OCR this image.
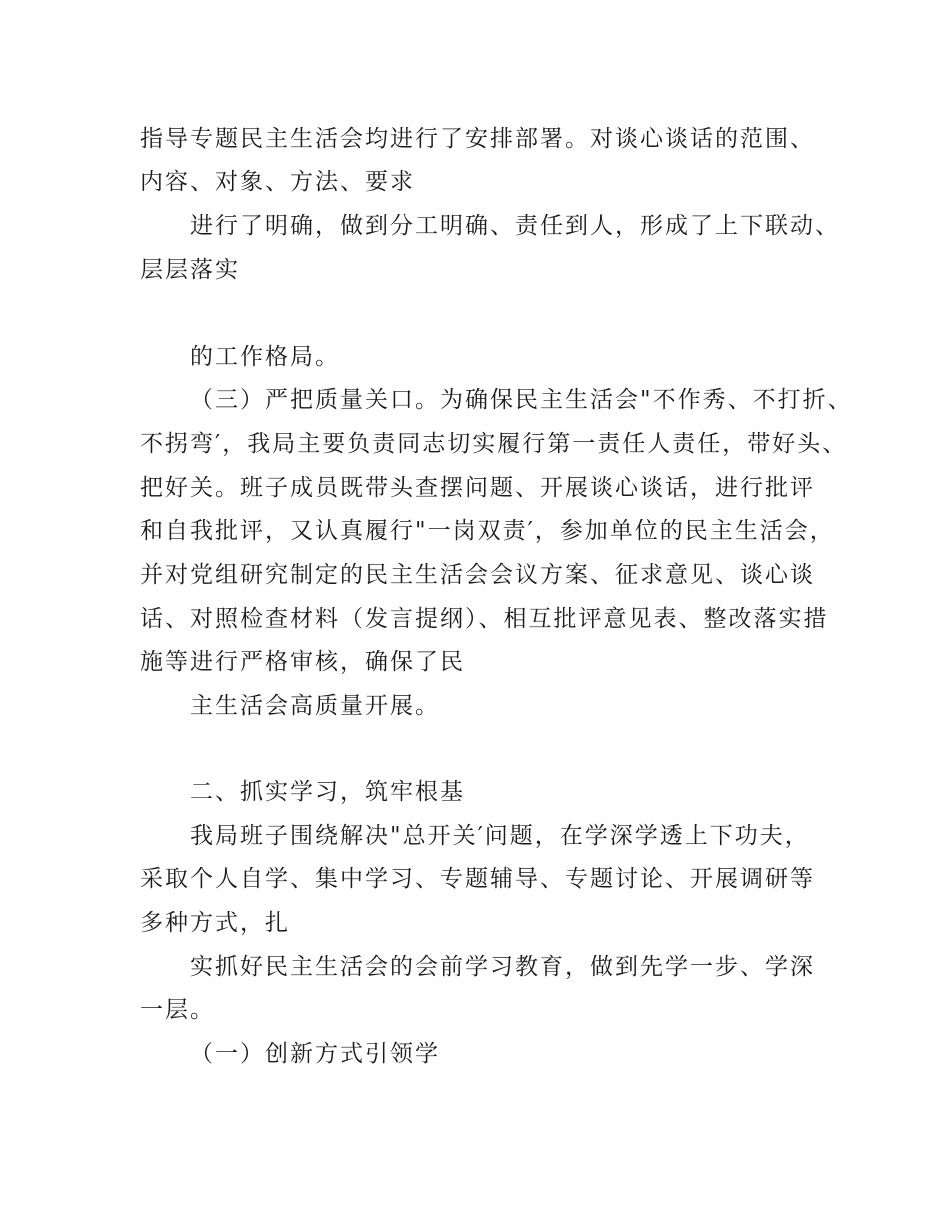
指导专题民主生活会均进行了安排部署。对谈心谈话的范围、
内容、对象、方法、要求
进行了明确，做到分工明确、责任到人，形成了上下联动、
层层落实
的工作格局。
（三）严把质量关口。为确保民主生活会"不作秀、不打折、
不拐弯′，我局主要负责同志切实履行第一责任人责任，带好头、
把好关。班子成员既带头查摆问题、开展谈心谈话，进行批评
和自我批评，又认真履行"一岗双责′，参加单位的民主生活会，
并对党组研究制定的民主生活会会议方案、征求意见、谈心谈
话、对照检查材料（发言提纲）、相互批评意见表、整改落实措
施等进行严格审核，确保了民
主生活会高质量开展。
二、抓实学习，筑牢根基
我局班子围绕解决"总开关′问题，在学深学透上下功夫，
采取个人自学、集中学习、专题辅导、专题讨论、开展调研等
多种方式，扎
实抓好民主生活会的会前学习教育，做到先学一步、学深
一层。
（一）创新方式引领学
